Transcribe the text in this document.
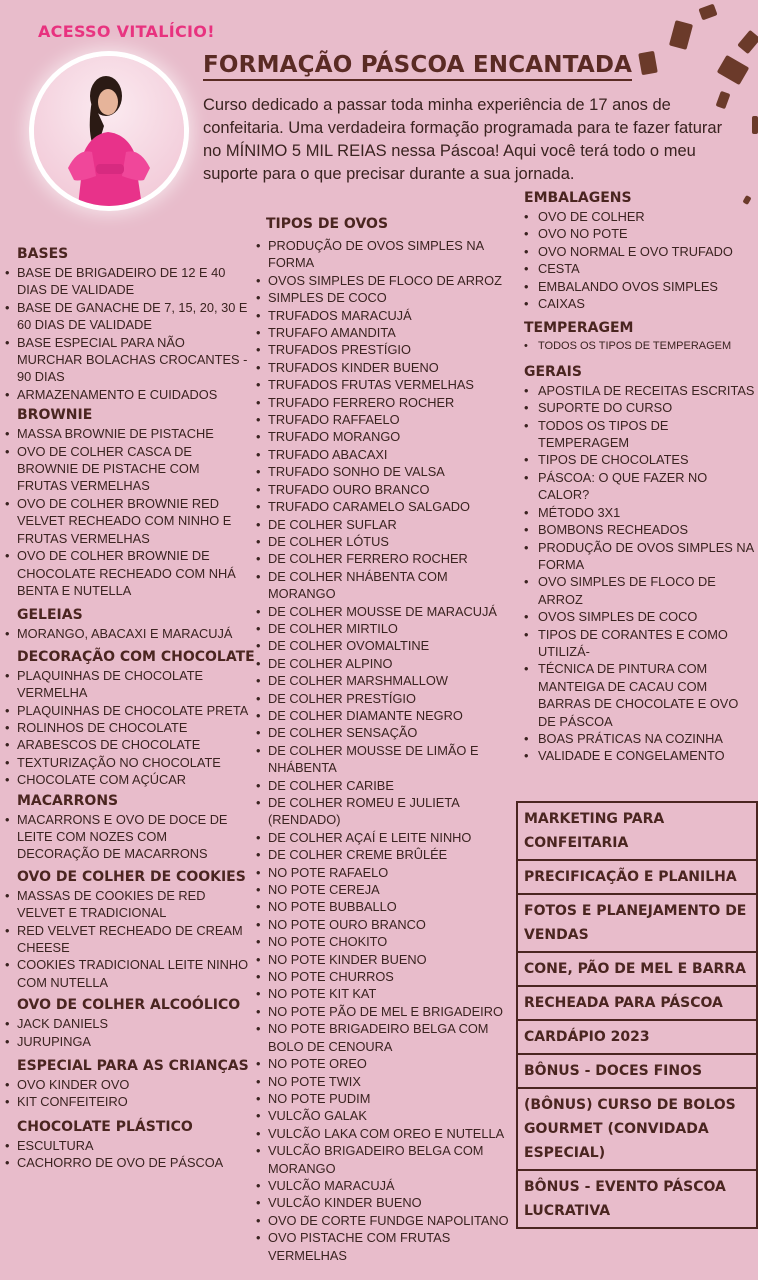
ACESSO VITALÍCIO!
FORMAÇÃO PÁSCOA ENCANTADA
Curso dedicado a passar toda minha experiência de 17 anos de confeitaria. Uma verdadeira formação programada para te fazer faturar no MÍNIMO 5 MIL REIAS nessa Páscoa! Aqui você terá todo o meu suporte para o que precisar durante a sua jornada.
BASES
• BASE DE BRIGADEIRO DE 12 E 40 DIAS DE VALIDADE
• BASE DE GANACHE DE 7, 15, 20, 30 E 60 DIAS DE VALIDADE
• BASE ESPECIAL PARA NÃO MURCHAR BOLACHAS CROCANTES - 90 DIAS
• ARMAZENAMENTO E CUIDADOS
BROWNIE
• MASSA BROWNIE DE PISTACHE
• OVO DE COLHER CASCA DE BROWNIE DE PISTACHE COM FRUTAS VERMELHAS
• OVO DE COLHER BROWNIE RED VELVET RECHEADO COM NINHO E FRUTAS VERMELHAS
• OVO DE COLHER BROWNIE DE CHOCOLATE RECHEADO COM NHÁ BENTA E NUTELLA
GELEIAS
• MORANGO, ABACAXI E MARACUJÁ
DECORAÇÃO COM CHOCOLATE
• PLAQUINHAS DE CHOCOLATE VERMELHA
• PLAQUINHAS DE CHOCOLATE PRETA
• ROLINHOS DE CHOCOLATE
• ARABESCOS DE CHOCOLATE
• TEXTURIZAÇÃO NO CHOCOLATE
• CHOCOLATE COM AÇÚCAR
MACARRONS
• MACARRONS E OVO DE DOCE DE LEITE COM NOZES COM DECORAÇÃO DE MACARRONS
OVO DE COLHER DE COOKIES
• MASSAS DE COOKIES DE RED VELVET E TRADICIONAL
• RED VELVET RECHEADO DE CREAM CHEESE
• COOKIES TRADICIONAL LEITE NINHO COM NUTELLA
OVO DE COLHER ALCOÓLICO
• JACK DANIELS
• JURUPINGA
ESPECIAL PARA AS CRIANÇAS
• OVO KINDER OVO
• KIT CONFEITEIRO
CHOCOLATE PLÁSTICO
• ESCULTURA
• CACHORRO DE OVO DE PÁSCOA
TIPOS DE OVOS
• PRODUÇÃO DE OVOS SIMPLES NA FORMA
• OVOS SIMPLES DE FLOCO DE ARROZ
• SIMPLES DE COCO
• TRUFADOS MARACUJÁ
• TRUFAFO AMANDITA
• TRUFADOS PRESTÍGIO
• TRUFADOS KINDER BUENO
• TRUFADOS FRUTAS VERMELHAS
• TRUFADO FERRERO ROCHER
• TRUFADO RAFFAELO
• TRUFADO MORANGO
• TRUFADO ABACAXI
• TRUFADO SONHO DE VALSA
• TRUFADO OURO BRANCO
• TRUFADO CARAMELO SALGADO
• DE COLHER SUFLAR
• DE COLHER LÓTUS
• DE COLHER FERRERO ROCHER
• DE COLHER NHÁBENTA COM MORANGO
• DE COLHER MOUSSE DE MARACUJÁ
• DE COLHER MIRTILO
• DE COLHER OVOMALTINE
• DE COLHER ALPINO
• DE COLHER MARSHMALLOW
• DE COLHER PRESTÍGIO
• DE COLHER DIAMANTE NEGRO
• DE COLHER SENSAÇÃO
• DE COLHER MOUSSE DE LIMÃO E NHÁBENTA
• DE COLHER CARIBE
• DE COLHER ROMEU E JULIETA (RENDADO)
• DE COLHER AÇAÍ E LEITE NINHO
• DE COLHER CREME BRÛLÉE
• NO POTE RAFAELO
• NO POTE CEREJA
• NO POTE BUBBALLO
• NO POTE OURO BRANCO
• NO POTE CHOKITO
• NO POTE KINDER BUENO
• NO POTE CHURROS
• NO POTE KIT KAT
• NO POTE PÃO DE MEL E BRIGADEIRO
• NO POTE BRIGADEIRO BELGA COM BOLO DE CENOURA
• NO POTE OREO
• NO POTE TWIX
• NO POTE PUDIM
• VULCÃO GALAK
• VULCÃO LAKA COM OREO E NUTELLA
• VULCÃO BRIGADEIRO BELGA COM MORANGO
• VULCÃO MARACUJÁ
• VULCÃO KINDER BUENO
• OVO DE CORTE FUNDGE NAPOLITANO
• OVO PISTACHE COM FRUTAS VERMELHAS
EMBALAGENS
• OVO DE COLHER
• OVO NO POTE
• OVO NORMAL E OVO TRUFADO
• CESTA
• EMBALANDO OVOS SIMPLES
• CAIXAS
TEMPERAGEM
• TODOS OS TIPOS DE TEMPERAGEM
GERAIS
• APOSTILA DE RECEITAS ESCRITAS
• SUPORTE DO CURSO
• TODOS OS TIPOS DE TEMPERAGEM
• TIPOS DE CHOCOLATES
• PÁSCOA: O QUE FAZER NO CALOR?
• MÉTODO 3X1
• BOMBONS RECHEADOS
• PRODUÇÃO DE OVOS SIMPLES NA FORMA
• OVO SIMPLES DE FLOCO DE ARROZ
• OVOS SIMPLES DE COCO
• TIPOS DE CORANTES E COMO UTILIZÁ-
• TÉCNICA DE PINTURA COM MANTEIGA DE CACAU COM BARRAS DE CHOCOLATE E OVO DE PÁSCOA
• BOAS PRÁTICAS NA COZINHA
• VALIDADE E CONGELAMENTO
MARKETING PARA CONFEITARIA
PRECIFICAÇÃO E PLANILHA
FOTOS E PLANEJAMENTO DE VENDAS
CONE, PÃO DE MEL E BARRA
RECHEADA PARA PÁSCOA
CARDÁPIO 2023
BÔNUS - DOCES FINOS
(BÔNUS) CURSO DE BOLOS GOURMET (CONVIDADA ESPECIAL)
BÔNUS - EVENTO PÁSCOA LUCRATIVA
